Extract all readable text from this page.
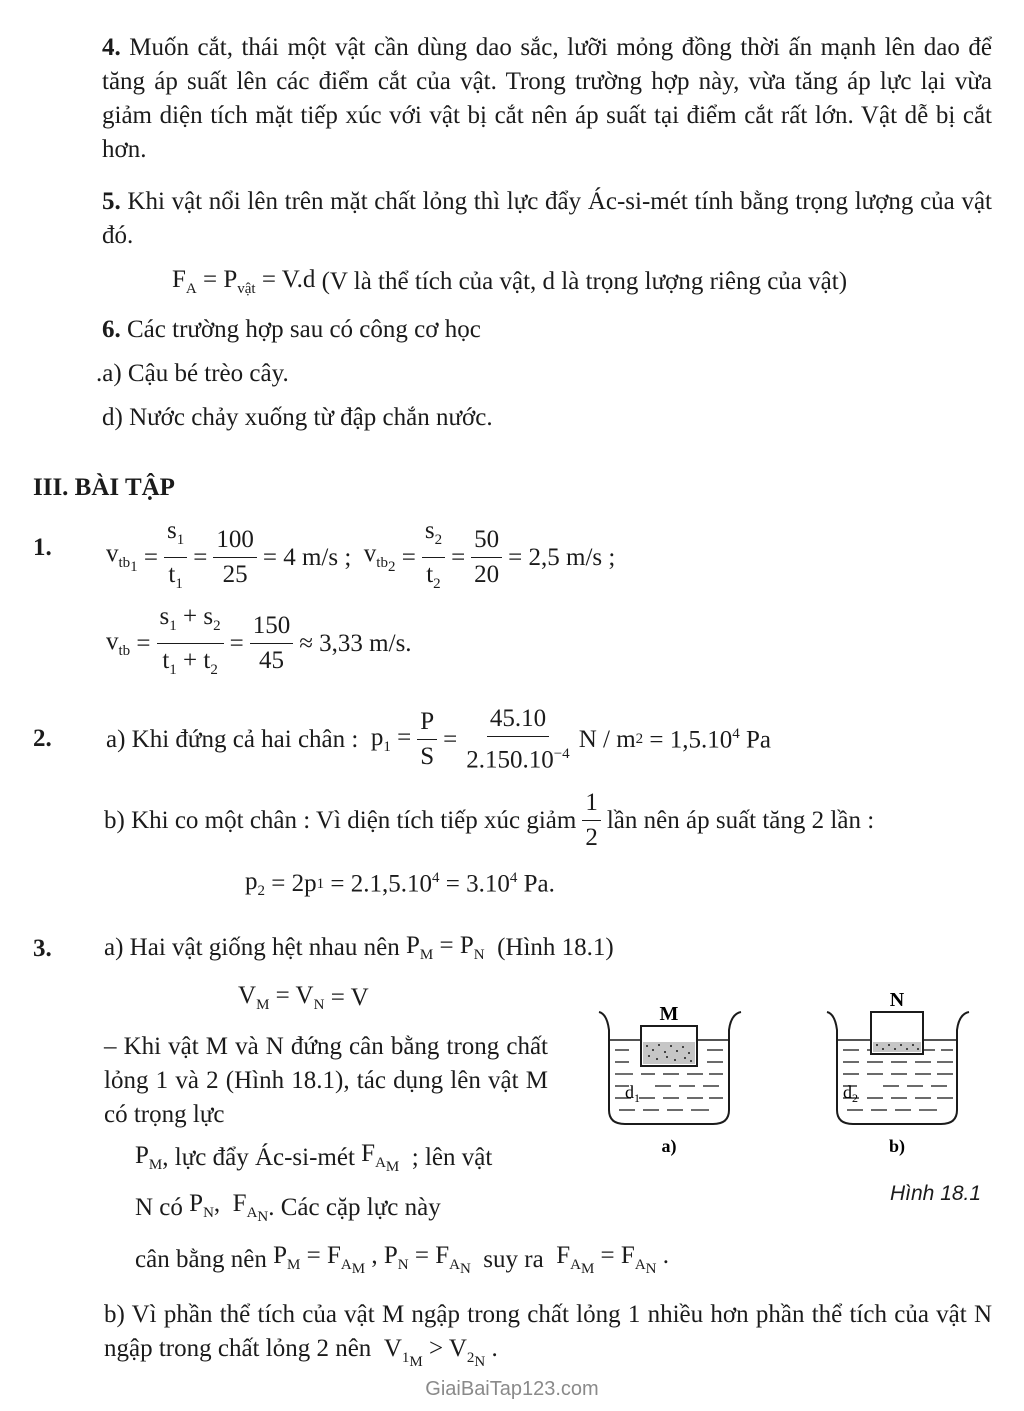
4. Muốn cắt, thái một vật cần dùng dao sắc, lưỡi mỏng đồng thời ấn mạnh lên dao để tăng áp suất lên các điểm cắt của vật. Trong trường hợp này, vừa tăng áp lực lại vừa giảm diện tích mặt tiếp xúc với vật bị cắt nên áp suất tại điểm cắt rất lớn. Vật dễ bị cắt hơn.
5. Khi vật nổi lên trên mặt chất lỏng thì lực đẩy Ác-si-mét tính bằng trọng lượng của vật đó.
$F_A = P_{vật} = V.d$ (V là thể tích của vật, d là trọng lượng riêng của vật)
6. Các trường hợp sau có công cơ học
.a) Cậu bé trèo cây.
d) Nước chảy xuống từ đập chắn nước.
III. BÀI TẬP
1. $v_{tb_1} = \frac{s_1}{t_1} = \frac{100}{25} = 4$ m/s ; $v_{tb_2} = \frac{s_2}{t_2} = \frac{50}{20} = 2,5$ m/s ;
$v_{tb} = \frac{s_1 + s_2}{t_1 + t_2} = \frac{150}{45} \approx 3,33$ m/s.
2. a) Khi đứng cả hai chân : $p_1 = \frac{P}{S} = \frac{45.10}{2.150.10^{-4}}$ N / m $2 = 1,5.10^4$ Pa
b) Khi co một chân : Vì diện tích tiếp xúc giảm $\frac{1}{2}$ lần nên áp suất tăng 2 lần :
$p_2 = 2p$ $1 = 2.1,5.10^4 = 3.10^4$ Pa.
3. a) Hai vật giống hệt nhau nên $P_M = P_N$ (Hình 18.1)
$V_M = V_N = V$
– Khi vật M và N đứng cân bằng trong chất lỏng 1 và 2 (Hình 18.1), tác dụng lên vật M có trọng lực
$P_M$ , lực đẩy Ác-si-mét $F_{A_M}$ ; lên vật
N có $P_N$,  $F_{A_N}$ . Các cặp lực này
cân bằng nên $P_M = F_{A_M}$ , $P_N = F_{A_N}$ suy ra $F_{A_M} = F_{A_N}$ .
b) Vì phần thể tích của vật M ngập trong chất lỏng 1 nhiều hơn phần thể tích của vật N ngập trong chất lỏng 2 nên  $V_{1_M} > V_{2_N}$ .
M
$d_1$
a)
N
$d_2$
b)
Hình 18.1
GiaiBaiTap123.com
